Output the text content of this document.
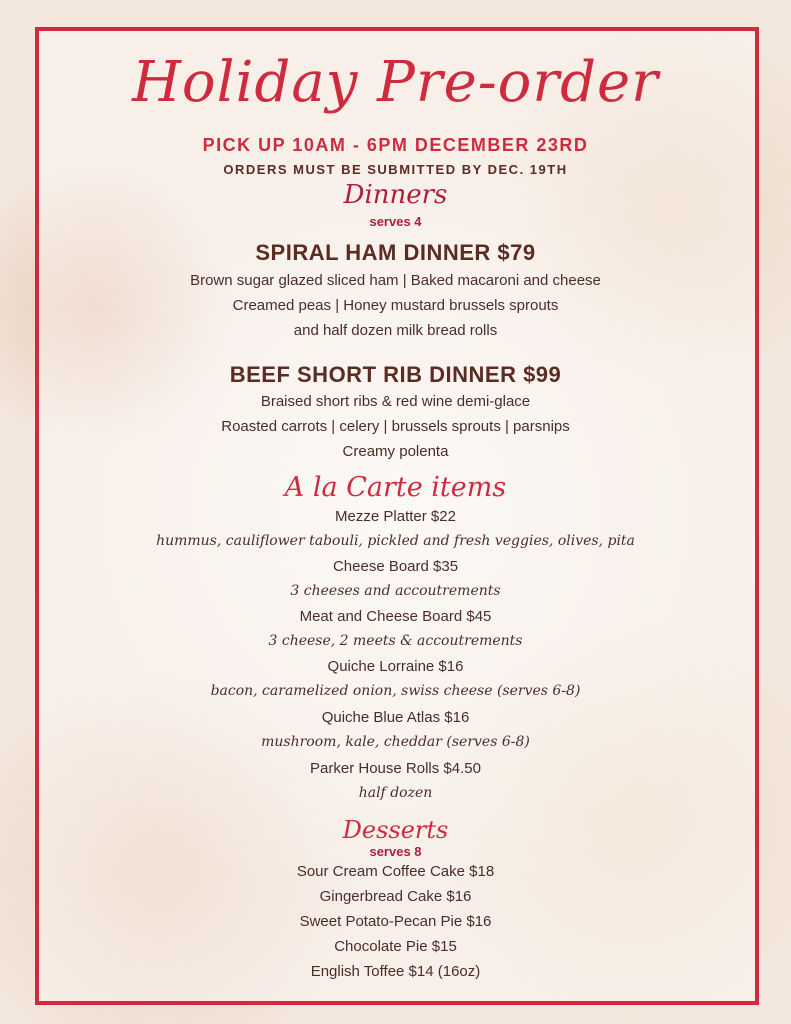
Holiday Pre-order
PICK UP 10AM - 6PM DECEMBER 23RD
ORDERS MUST BE SUBMITTED BY DEC. 19TH
Dinners
serves 4
SPIRAL HAM DINNER $79
Brown sugar glazed sliced ham | Baked macaroni and cheese
Creamed peas | Honey mustard brussels sprouts
and half dozen milk bread rolls
BEEF SHORT RIB DINNER $99
Braised short ribs & red wine demi-glace
Roasted carrots | celery | brussels sprouts | parsnips
Creamy polenta
A la Carte items
Mezze Platter $22
hummus, cauliflower tabouli, pickled and fresh veggies, olives, pita
Cheese Board $35
3 cheeses and accoutrements
Meat and Cheese Board $45
3 cheese, 2 meets & accoutrements
Quiche Lorraine $16
bacon, caramelized onion, swiss cheese (serves 6-8)
Quiche Blue Atlas $16
mushroom, kale, cheddar (serves 6-8)
Parker House Rolls $4.50
half dozen
Desserts
serves 8
Sour Cream Coffee Cake $18
Gingerbread Cake $16
Sweet Potato-Pecan Pie $16
Chocolate Pie $15
English Toffee $14 (16oz)
